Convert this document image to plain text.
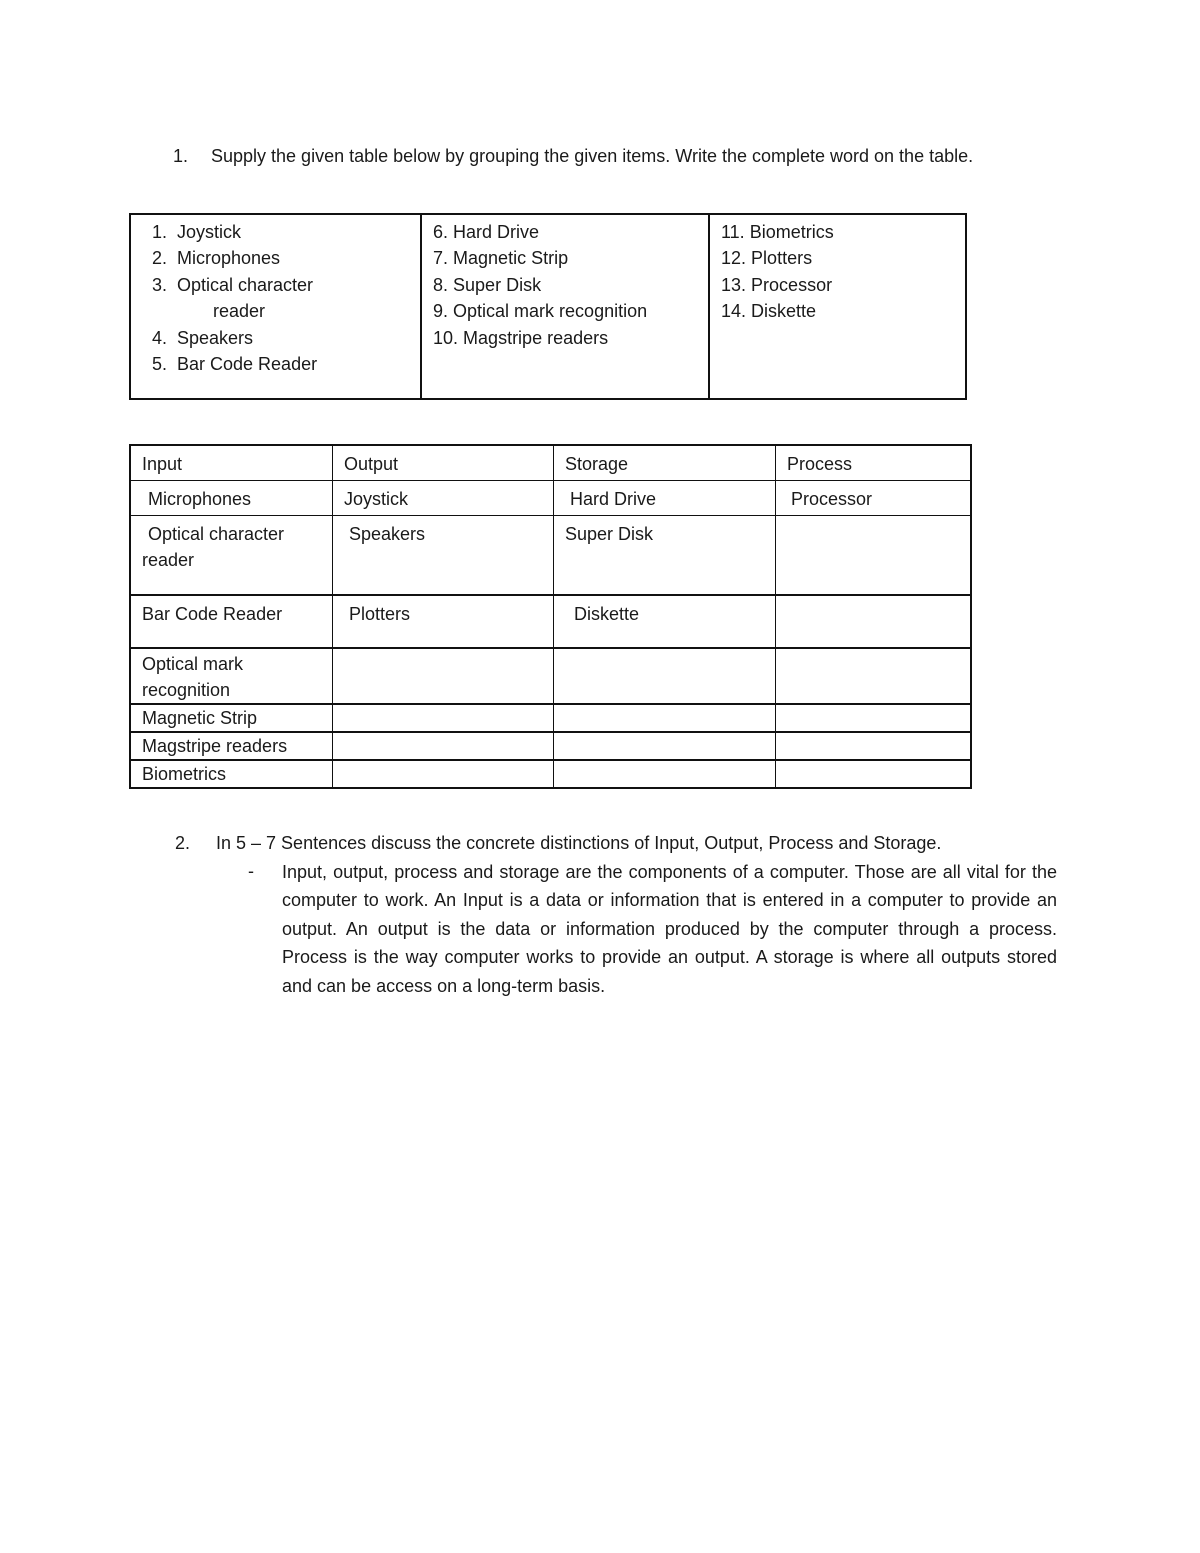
1. Supply the given table below by grouping the given items. Write the complete word on the table.
1. Joystick
2. Microphones
3. Optical character
reader
4. Speakers
5. Bar Code Reader

6. Hard Drive
7. Magnetic Strip
8. Super Disk
9. Optical mark recognition
10. Magstripe readers

11. Biometrics
12. Plotters
13. Processor
14. Diskette
Input	Output	Storage	Process
Microphones	Joystick	Hard Drive	Processor
Optical character reader	Speakers	Super Disk	
Bar Code Reader	Plotters	Diskette	
Optical mark recognition			
Magnetic Strip			
Magstripe readers			
Biometrics			
2. In 5 – 7 Sentences discuss the concrete distinctions of Input, Output, Process and Storage.
- Input, output, process and storage are the components of a computer. Those are all vital for the computer to work. An Input is a data or information that is entered in a computer to provide an output. An output is the data or information produced by the computer through a process. Process is the way computer works to provide an output. A storage is where all outputs stored and can be access on a long-term basis.
